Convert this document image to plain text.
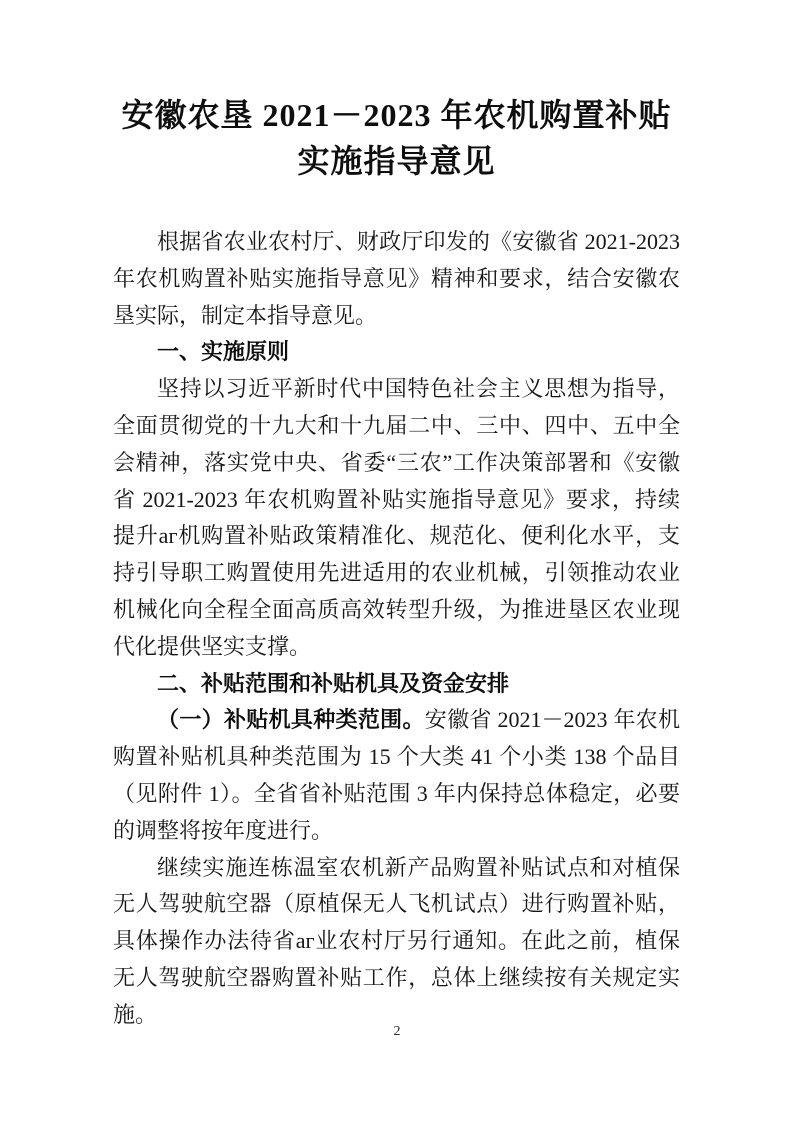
安徽农垦 2021－2023 年农机购置补贴
实施指导意见

根据省农业农村厅、财政厅印发的《安徽省 2021-2023 年农机购置补贴实施指导意见》精神和要求，结合安徽农垦实际，制定本指导意见。

一、实施原则

坚持以习近平新时代中国特色社会主义思想为指导，全面贯彻党的十九大和十九届二中、三中、四中、五中全会精神，落实党中央、省委“三农”工作决策部署和《安徽省 2021-2023 年农机购置补贴实施指导意见》要求，持续提升аг机购置补贴政策精准化、规范化、便利化水平，支持引导职工购置使用先进适用的农业机械，引领推动农业机械化向全程全面高质高效转型升级，为推进垦区农业现代化提供坚实支撑。

二、补贴范围和补贴机具及资金安排

（一）补贴机具种类范围。安徽省 2021－2023 年农机购置补贴机具种类范围为 15 个大类 41 个小类 138 个品目（见附件 1）。全省省补贴范围 3 年内保持总体稳定，必要的调整将按年度进行。

继续实施连栋温室农机新产品购置补贴试点和对植保无人驾驶航空器（原植保无人飞机试点）进行购置补贴，具体操作办法待省аг业农村厅另行通知。在此之前，植保无人驾驶航空器购置补贴工作，总体上继续按有关规定实施。

2
